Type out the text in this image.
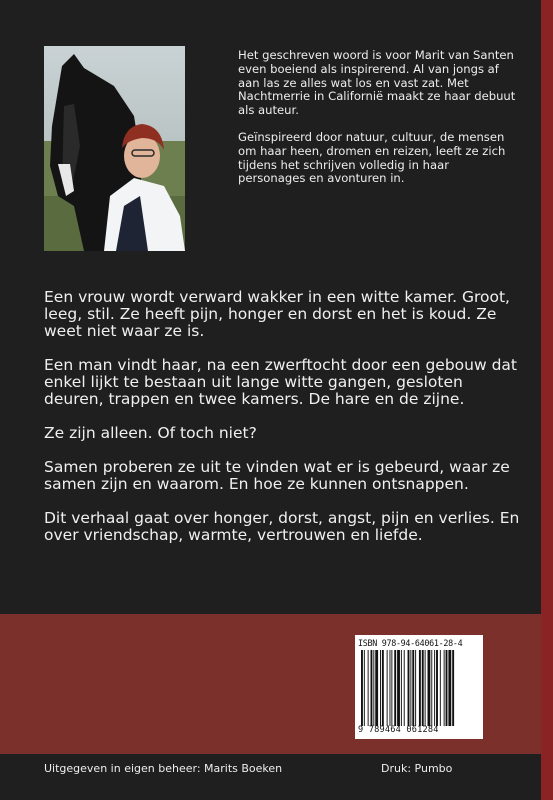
Het geschreven woord is voor Marit van Santen even boeiend als inspirerend. Al van jongs af aan las ze alles wat los en vast zat. Met Nachtmerrie in Californië maakt ze haar debuut als auteur.

Geïnspireerd door natuur, cultuur, de mensen om haar heen, dromen en reizen, leeft ze zich tijdens het schrijven volledig in haar personages en avonturen in.

Een vrouw wordt verward wakker in een witte kamer. Groot, leeg, stil. Ze heeft pijn, honger en dorst en het is koud. Ze weet niet waar ze is.

Een man vindt haar, na een zwerftocht door een gebouw dat enkel lijkt te bestaan uit lange witte gangen, gesloten deuren, trappen en twee kamers. De hare en de zijne.

Ze zijn alleen. Of toch niet?

Samen proberen ze uit te vinden wat er is gebeurd, waar ze samen zijn en waarom. En hoe ze kunnen ontsnappen.

Dit verhaal gaat over honger, dorst, angst, pijn en verlies. En over vriendschap, warmte, vertrouwen en liefde.

ISBN 978-94-64061-28-4
9 789464 061284
Uitgegeven in eigen beheer: Marits Boeken	Druk: Pumbo
